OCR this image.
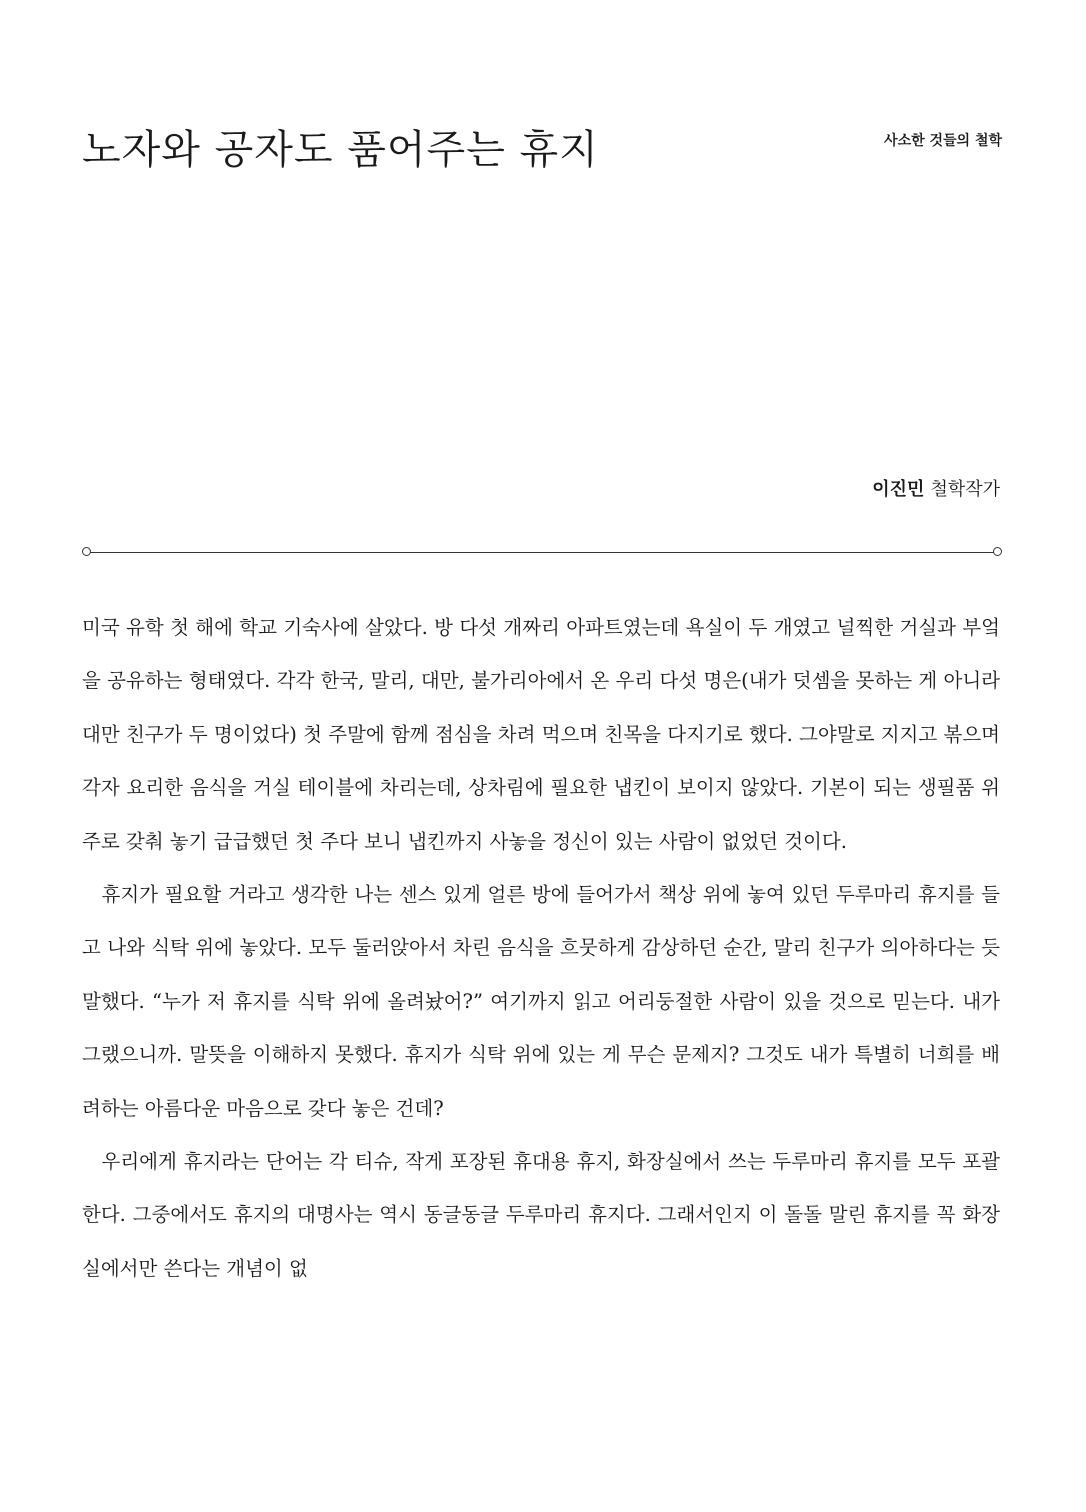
노자와 공자도 품어주는 휴지	사소한 것들의 철학
이진민 철학작가

미국 유학 첫 해에 학교 기숙사에 살았다. 방 다섯 개짜리 아파트였는데 욕실이 두 개였고 널찍한 거실과 부엌을 공유하는 형태였다. 각각 한국, 말리, 대만, 불가리아에서 온 우리 다섯 명은(내가 덧셈을 못하는 게 아니라 대만 친구가 두 명이었다) 첫 주말에 함께 점심을 차려 먹으며 친목을 다지기로 했다. 그야말로 지지고 볶으며 각자 요리한 음식을 거실 테이블에 차리는데, 상차림에 필요한 냅킨이 보이지 않았다. 기본이 되는 생필품 위주로 갖춰 놓기 급급했던 첫 주다 보니 냅킨까지 사놓을 정신이 있는 사람이 없었던 것이다.

휴지가 필요할 거라고 생각한 나는 센스 있게 얼른 방에 들어가서 책상 위에 놓여 있던 두루마리 휴지를 들고 나와 식탁 위에 놓았다. 모두 둘러앉아서 차린 음식을 흐뭇하게 감상하던 순간, 말리 친구가 의아하다는 듯 말했다. “누가 저 휴지를 식탁 위에 올려놨어?” 여기까지 읽고 어리둥절한 사람이 있을 것으로 믿는다. 내가 그랬으니까. 말뜻을 이해하지 못했다. 휴지가 식탁 위에 있는 게 무슨 문제지? 그것도 내가 특별히 너희를 배려하는 아름다운 마음으로 갖다 놓은 건데?

우리에게 휴지라는 단어는 각 티슈, 작게 포장된 휴대용 휴지, 화장실에서 쓰는 두루마리 휴지를 모두 포괄한다. 그중에서도 휴지의 대명사는 역시 동글동글 두루마리 휴지다. 그래서인지 이 돌돌 말린 휴지를 꼭 화장실에서만 쓴다는 개념이 없
